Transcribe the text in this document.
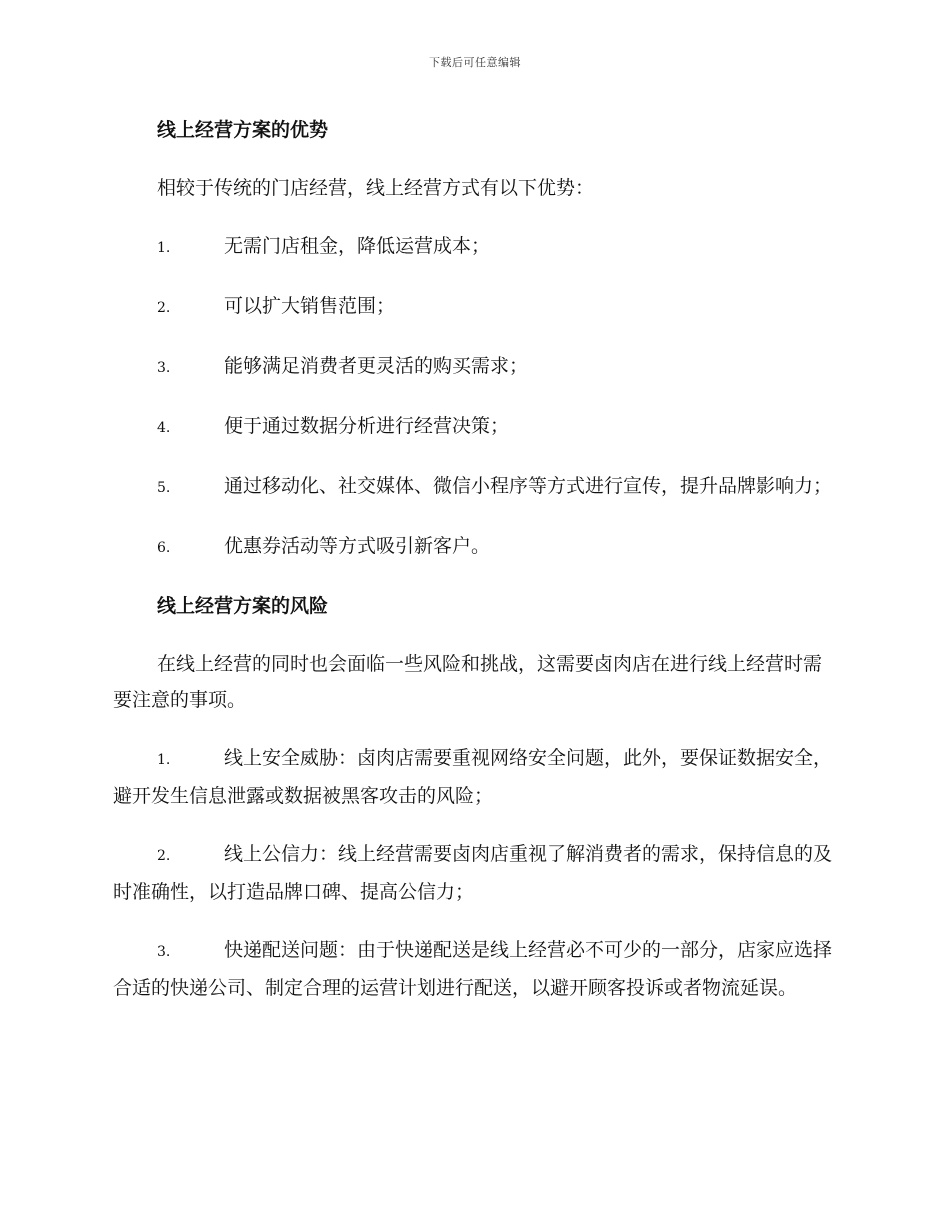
下载后可任意编辑
线上经营方案的优势
相较于传统的门店经营，线上经营方式有以下优势：
1.	无需门店租金，降低运营成本；
2.	可以扩大销售范围；
3.	能够满足消费者更灵活的购买需求；
4.	便于通过数据分析进行经营决策；
5.	通过移动化、社交媒体、微信小程序等方式进行宣传，提升品牌影响力；
6.	优惠券活动等方式吸引新客户。
线上经营方案的风险
在线上经营的同时也会面临一些风险和挑战，这需要卤肉店在进行线上经营时需要注意的事项。
1.	线上安全威胁：卤肉店需要重视网络安全问题，此外，要保证数据安全，避开发生信息泄露或数据被黑客攻击的风险；
2.	线上公信力：线上经营需要卤肉店重视了解消费者的需求，保持信息的及时准确性，以打造品牌口碑、提高公信力；
3.	快递配送问题：由于快递配送是线上经营必不可少的一部分，店家应选择合适的快递公司、制定合理的运营计划进行配送，以避开顾客投诉或者物流延误。
